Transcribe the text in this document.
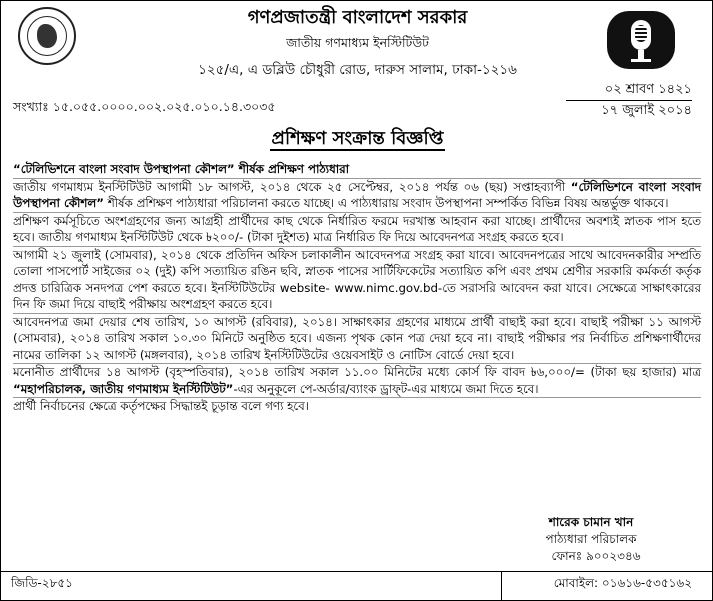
গণপ্রজাতন্ত্রী বাংলাদেশ সরকার
জাতীয় গণমাধ্যম ইনস্টিটিউট
১২৫/এ, এ ডব্লিউ চৌধুরী রোড, দারুস সালাম, ঢাকা-১২১৬
০২ শ্রাবণ ১৪২১
১৭ জুলাই ২০১৪
সংখ্যাঃ ১৫.০৫৫.০০০০.০০২.০২৫.০১০.১৪.৩০৩৫
প্রশিক্ষণ সংক্রান্ত বিজ্ঞপ্তি

“টেলিভিশনে বাংলা সংবাদ উপস্থাপনা কৌশল” শীর্ষক প্রশিক্ষণ পাঠ্যধারা

জাতীয় গণমাধ্যম ইনস্টিটিউট আগামী ১৮ আগস্ট, ২০১৪ থেকে ২৫ সেপ্টেম্বর, ২০১৪ পর্যন্ত ০৬ (ছয়) সপ্তাহব্যাপী “টেলিভিশনে বাংলা সংবাদ উপস্থাপনা কৌশল” শীর্ষক প্রশিক্ষণ পাঠ্যধারা পরিচালনা করতে যাচ্ছে। এ পাঠ্যধারায় সংবাদ উপস্থাপনা সম্পর্কিত বিভিন্ন বিষয় অন্তর্ভুক্ত থাকবে।

প্রশিক্ষণ কর্মসূচিতে অংশগ্রহণের জন্য আগ্রহী প্রার্থীদের কাছ থেকে নির্ধারিত ফরমে দরখাস্ত আহবান করা যাচ্ছে। প্রার্থীদের অবশ্যই স্নাতক পাস হতে হবে। জাতীয় গণমাধ্যম ইনস্টিটিউট থেকে ৳২০০/- (টাকা দুইশত) মাত্র নির্ধারিত ফি দিয়ে আবেদনপত্র সংগ্রহ করতে হবে।

আগামী ২১ জুলাই (সোমবার), ২০১৪ থেকে প্রতিদিন অফিস চলাকালীন আবেদনপত্র সংগ্রহ করা যাবে। আবেদনপত্রের সাথে আবেদনকারীর সম্প্রতি তোলা পাসপোর্ট সাইজের ০২ (দুই) কপি সত্যায়িত রঙিন ছবি, স্নাতক পাসের সার্টিফিকেটের সত্যায়িত কপি এবং প্রথম শ্রেণীর সরকারি কর্মকর্তা কর্তৃক প্রদত্ত চারিত্রিক সনদপত্র পেশ করতে হবে। ইনস্টিটিউটের website- www.nimc.gov.bd-তে সরাসরি আবেদন করা যাবে। সেক্ষেত্রে সাক্ষাৎকারের দিন ফি জমা দিয়ে বাছাই পরীক্ষায় অংশগ্রহণ করতে হবে।

আবেদনপত্র জমা দেয়ার শেষ তারিখ, ১০ আগস্ট (রবিবার), ২০১৪। সাক্ষাৎকার গ্রহণের মাধ্যমে প্রার্থী বাছাই করা হবে। বাছাই পরীক্ষা ১১ আগস্ট (সোমবার), ২০১৪ তারিখ সকাল ১০.৩০ মিনিটে অনুষ্ঠিত হবে। এজন্য পৃথক কোন পত্র দেয়া হবে না। বাছাই পরীক্ষার পর নির্বাচিত প্রশিক্ষণার্থীদের নামের তালিকা ১২ আগস্ট (মঙ্গলবার), ২০১৪ তারিখ ইনস্টিটিউটের ওয়েবসাইট ও নোটিস বোর্ডে দেয়া হবে।

মনোনীত প্রার্থীদের ১৪ আগস্ট (বৃহস্পতিবার), ২০১৪ তারিখ সকাল ১১.০০ মিনিটের মধ্যে কোর্স ফি বাবদ ৳৬,০০০/= (টাকা ছয় হাজার) মাত্র “মহাপরিচালক, জাতীয় গণমাধ্যম ইনস্টিটিউট”-এর অনুকূলে পে-অর্ডার/ব্যাংক ড্রাফ্‌ট-এর মাধ্যমে জমা দিতে হবে।

প্রার্থী নির্বাচনের ক্ষেত্রে কর্তৃপক্ষের সিদ্ধান্তই চূড়ান্ত বলে গণ্য হবে।

শারেক চামান খান
পাঠ্যধারা পরিচালক
ফোনঃ ৯০০২৩৪৬
জিডি-২৮৫১	মোবাইল: ০১৬১৬-৫৩৫১৬২
